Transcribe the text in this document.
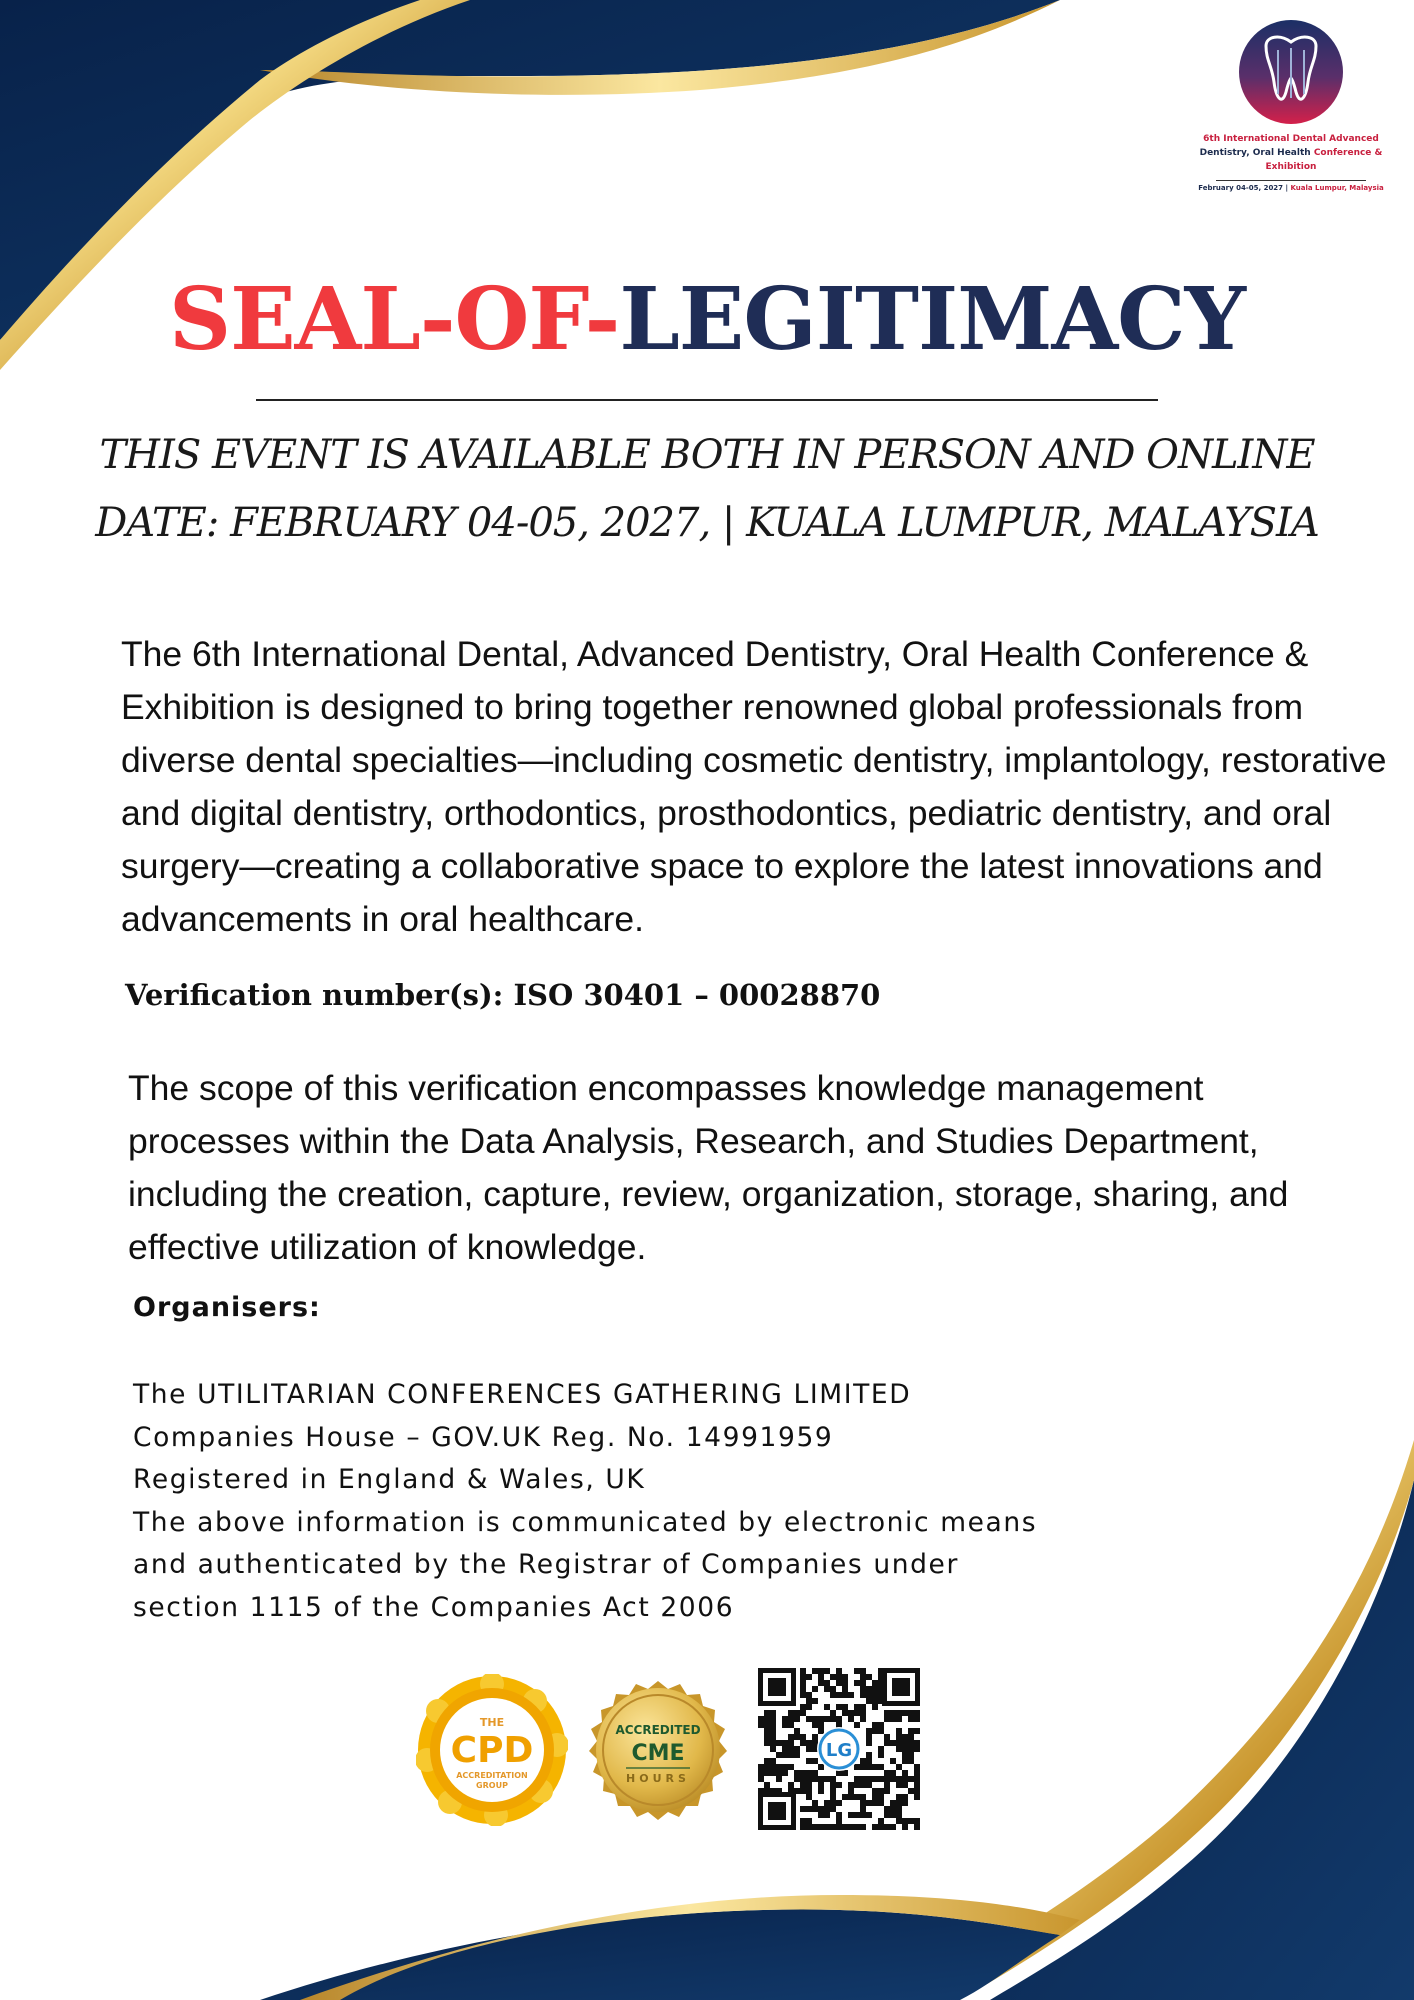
6th International Dental Advanced
Dentistry, Oral Health Conference &
Exhibition
February 04-05, 2027 | Kuala Lumpur, Malaysia
SEAL-OF-LEGITIMACY
THIS EVENT IS AVAILABLE BOTH IN PERSON AND ONLINE
DATE: FEBRUARY 04-05, 2027, | KUALA LUMPUR, MALAYSIA
The 6th International Dental, Advanced Dentistry, Oral Health Conference & Exhibition is designed to bring together renowned global professionals from diverse dental specialties—including cosmetic dentistry, implantology, restorative and digital dentistry, orthodontics, prosthodontics, pediatric dentistry, and oral surgery—creating a collaborative space to explore the latest innovations and advancements in oral healthcare.
Verification number(s): ISO 30401 – 00028870
The scope of this verification encompasses knowledge management processes within the Data Analysis, Research, and Studies Department, including the creation, capture, review, organization, storage, sharing, and effective utilization of knowledge.
Organisers:
The UTILITARIAN CONFERENCES GATHERING LIMITED
Companies House – GOV.UK Reg. No. 14991959
Registered in England & Wales, UK
The above information is communicated by electronic means
and authenticated by the Registrar of Companies under
section 1115 of the Companies Act 2006
THE
CPD
ACCREDITATION
GROUP
ACCREDITED
CME
HOURS
LG
